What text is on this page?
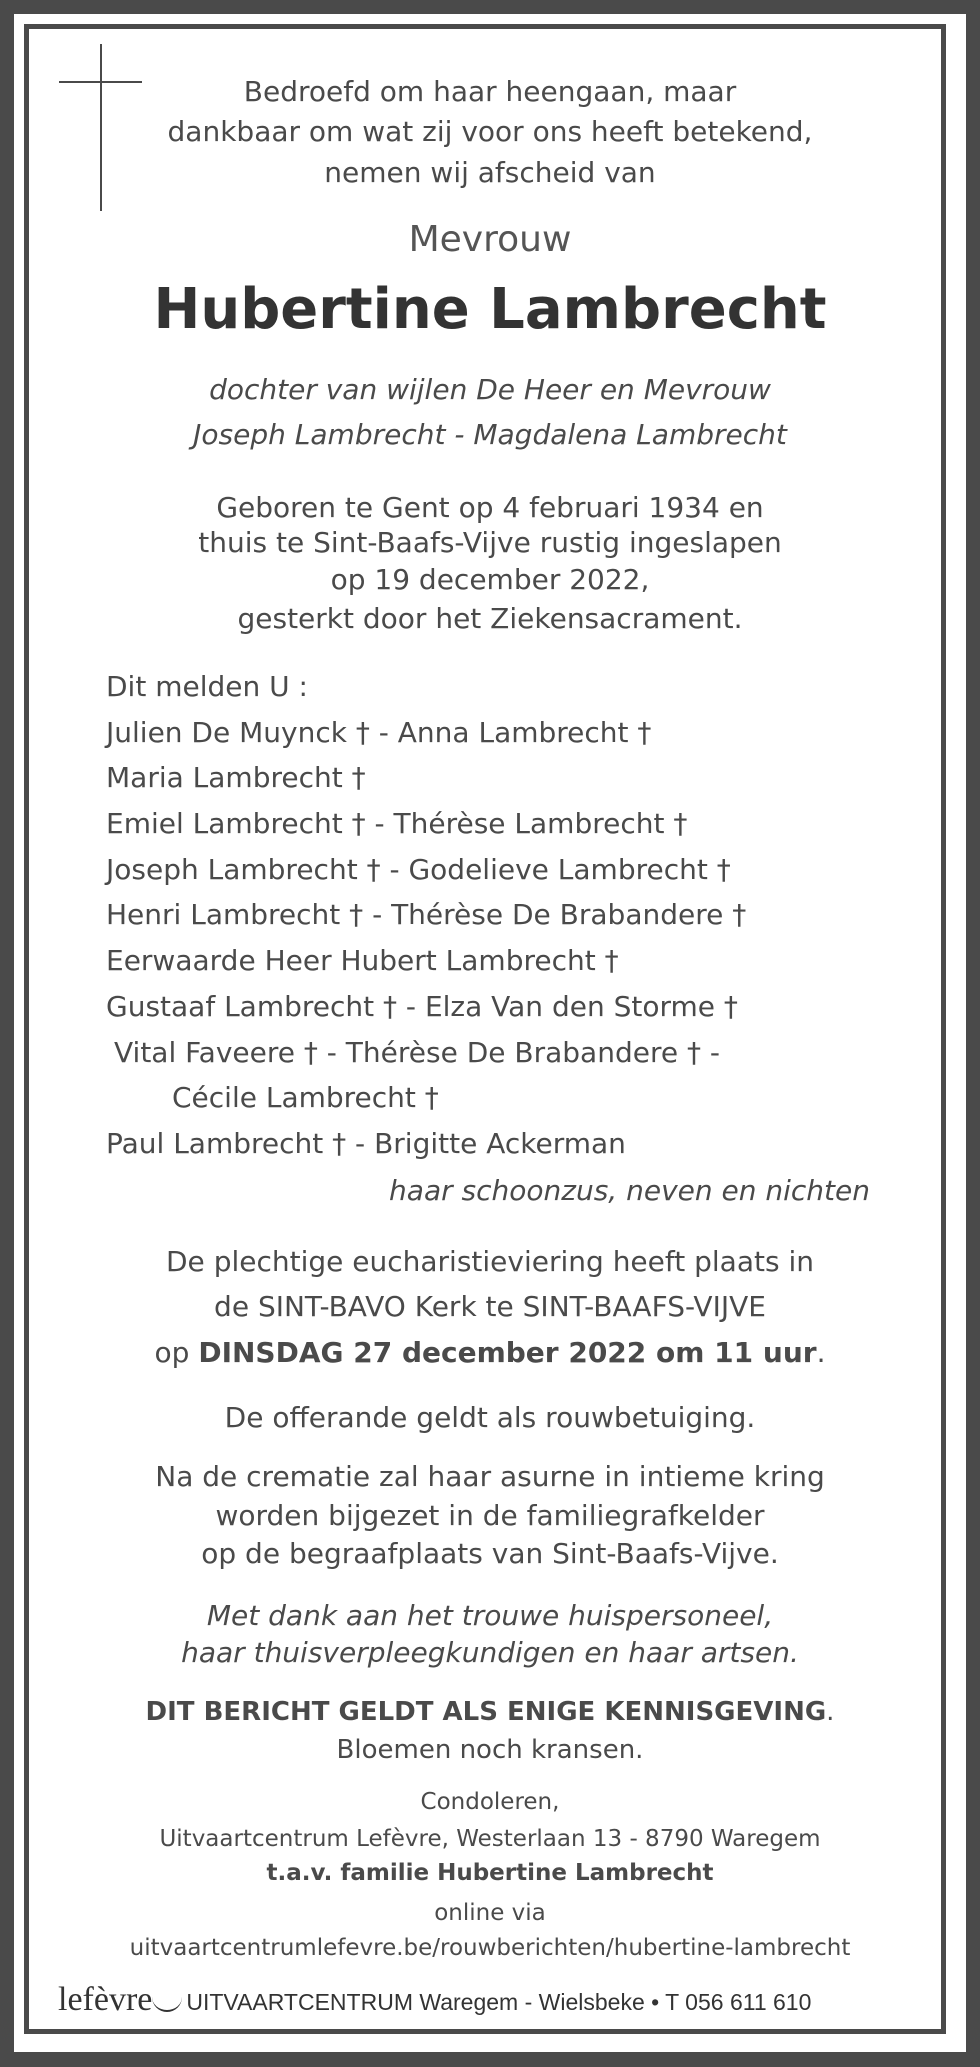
Bedroefd om haar heengaan, maar
dankbaar om wat zij voor ons heeft betekend,
nemen wij afscheid van
Mevrouw
Hubertine Lambrecht
dochter van wijlen De Heer en Mevrouw
Joseph Lambrecht - Magdalena Lambrecht
Geboren te Gent op 4 februari 1934 en
thuis te Sint-Baafs-Vijve rustig ingeslapen
op 19 december 2022,
gesterkt door het Ziekensacrament.
Dit melden U :
Julien De Muynck † - Anna Lambrecht †
Maria Lambrecht †
Emiel Lambrecht † - Thérèse Lambrecht †
Joseph Lambrecht † - Godelieve Lambrecht †
Henri Lambrecht † - Thérèse De Brabandere †
Eerwaarde Heer Hubert Lambrecht †
Gustaaf Lambrecht † - Elza Van den Storme †
Vital Faveere † - Thérèse De Brabandere † -
Cécile Lambrecht †
Paul Lambrecht † - Brigitte Ackerman
haar schoonzus, neven en nichten
De plechtige eucharistieviering heeft plaats in
de SINT-BAVO Kerk te SINT-BAAFS-VIJVE
op DINSDAG 27 december 2022 om 11 uur.
De offerande geldt als rouwbetuiging.
Na de crematie zal haar asurne in intieme kring
worden bijgezet in de familiegrafkelder
op de begraafplaats van Sint-Baafs-Vijve.
Met dank aan het trouwe huispersoneel,
haar thuisverpleegkundigen en haar artsen.
DIT BERICHT GELDT ALS ENIGE KENNISGEVING.
Bloemen noch kransen.
Condoleren,
Uitvaartcentrum Lefèvre, Westerlaan 13 - 8790 Waregem
t.a.v. familie Hubertine Lambrecht
online via
uitvaartcentrumlefevre.be/rouwberichten/hubertine-lambrecht
lefèvre UITVAARTCENTRUM Waregem - Wielsbeke • T 056 611 610
